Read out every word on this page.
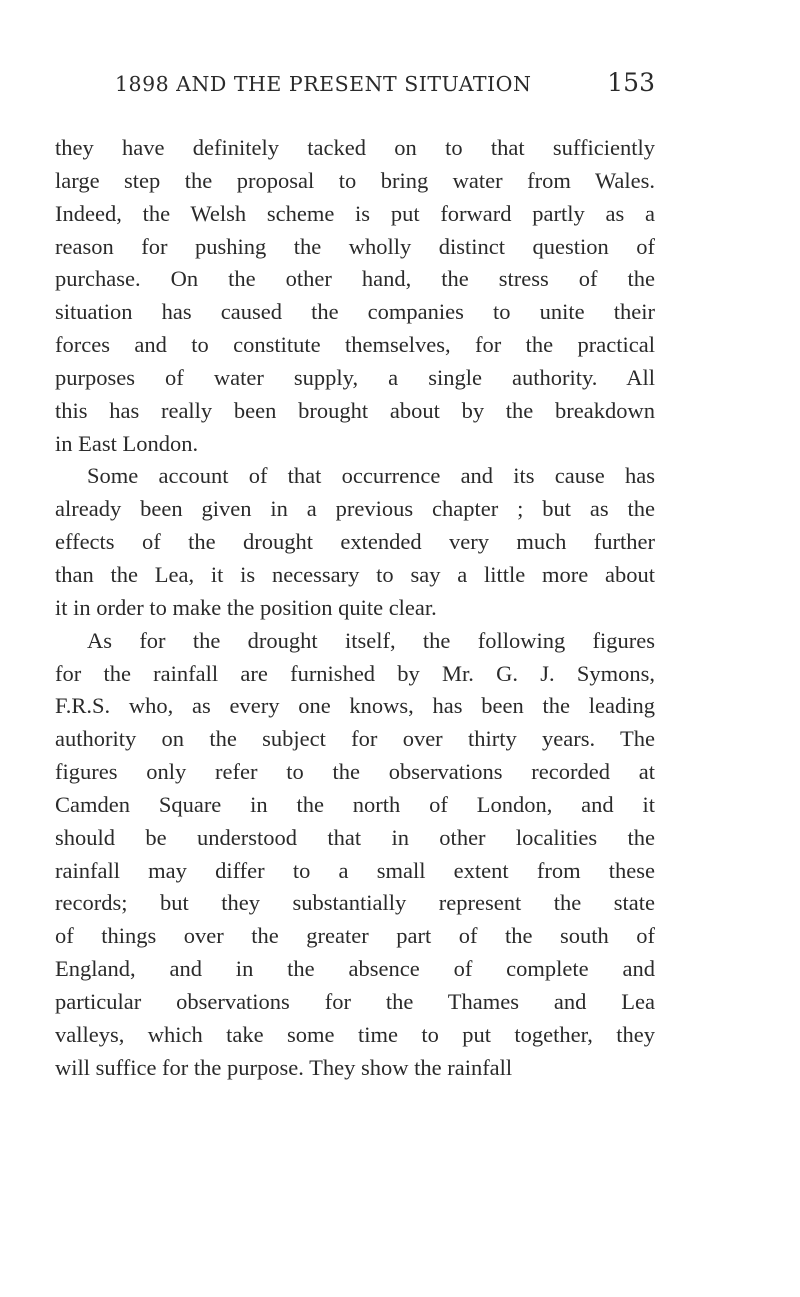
1898 AND THE PRESENT SITUATION	153
they have definitely tacked on to that sufficiently
large step the proposal to bring water from Wales.
Indeed, the Welsh scheme is put forward partly as a
reason for pushing the wholly distinct question of
purchase. On the other hand, the stress of the
situation has caused the companies to unite their
forces and to constitute themselves, for the practical
purposes of water supply, a single authority. All
this has really been brought about by the breakdown
in East London.
Some account of that occurrence and its cause has
already been given in a previous chapter ; but as the
effects of the drought extended very much further
than the Lea, it is necessary to say a little more about
it in order to make the position quite clear.
As for the drought itself, the following figures
for the rainfall are furnished by Mr. G. J. Symons,
F.R.S. who, as every one knows, has been the leading
authority on the subject for over thirty years. The
figures only refer to the observations recorded at
Camden Square in the north of London, and it
should be understood that in other localities the
rainfall may differ to a small extent from these
records; but they substantially represent the state
of things over the greater part of the south of
England, and in the absence of complete and
particular observations for the Thames and Lea
valleys, which take some time to put together, they
will suffice for the purpose. They show the rainfall
